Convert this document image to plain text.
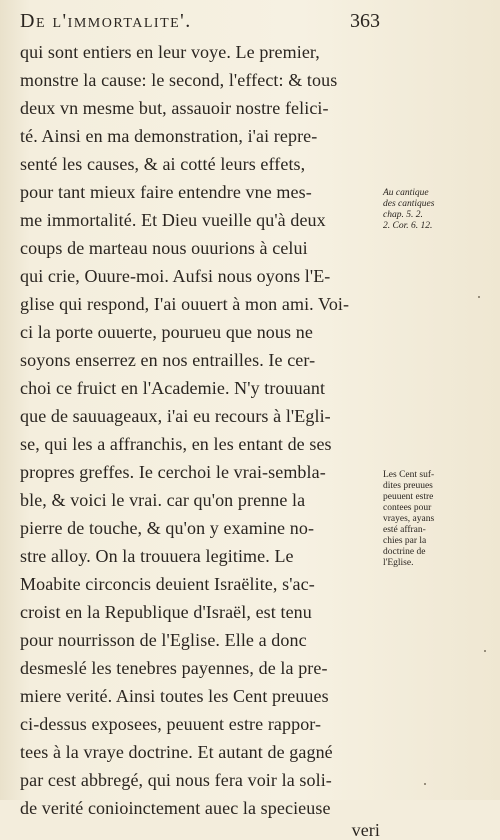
De l'immortalite'.	363
qui sont entiers en leur voye. Le premier,
monstre la cause: le second, l'effect: & tous
deux vn mesme but, assauoir nostre felici-
té. Ainsi en ma demonstration, i'ai repre-
senté les causes, & ai cotté leurs effets,
pour tant mieux faire entendre vne mes-
me immortalité. Et Dieu vueille qu'à deux
coups de marteau nous ouurions à celui
qui crie, Ouure-moi. Aufsi nous oyons l'E-
glise qui respond, I'ai ouuert à mon ami. Voi-
ci la porte ouuerte, pourueu que nous ne
soyons enserrez en nos entrailles. Ie cer-
choi ce fruict en l'Academie. N'y trouuant
que de sauuageaux, i'ai eu recours à l'Egli-
se, qui les a affranchis, en les entant de ses
propres greffes. Ie cerchoi le vrai-sembla-
ble, & voici le vrai. car qu'on prenne la
pierre de touche, & qu'on y examine no-
stre alloy. On la trouuera legitime. Le
Moabite circoncis deuient Israëlite, s'ac-
croist en la Republique d'Israël, est tenu
pour nourrisson de l'Eglise. Elle a donc
desmeslé les tenebres payennes, de la pre-
miere verité. Ainsi toutes les Cent preuues
ci-dessus exposees, peuuent estre rappor-
tees à la vraye doctrine. Et autant de gagné
par cest abbregé, qui nous fera voir la soli-
de verité conioinctement auec la specieuse
veri
Au cantique
des cantiques
chap. 5. 2.
2. Cor. 6. 12.
Les Cent suf-
dites preuues
peuuent estre
contees pour
vrayes, ayans
esté affran-
chies par la
doctrine de
l'Eglise.
